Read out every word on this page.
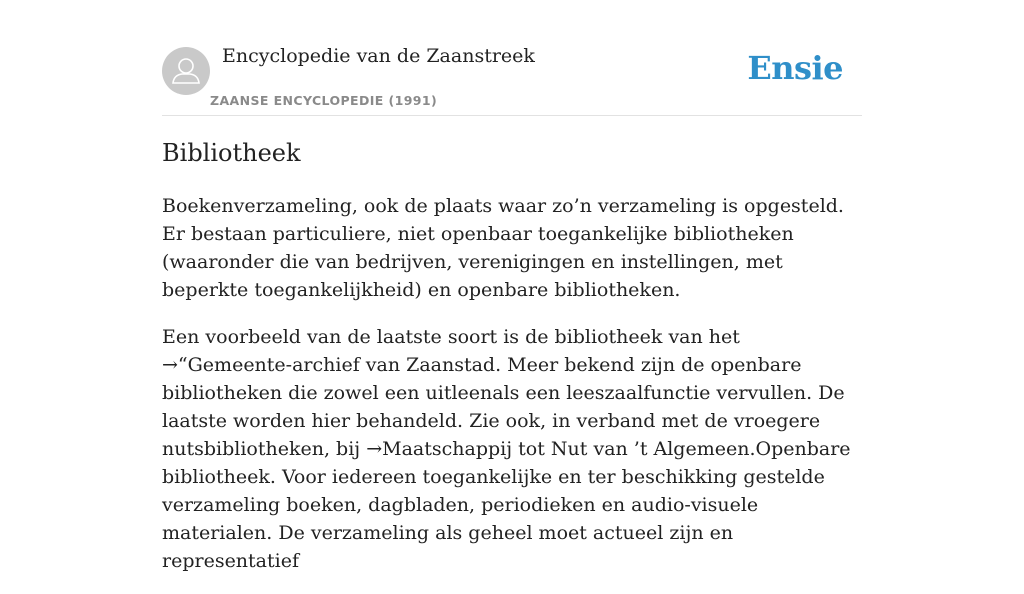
Encyclopedie van de Zaanstreek
ZAANSE ENCYCLOPEDIE (1991)
Ensie
Bibliotheek

Boekenverzameling, ook de plaats waar zo’n verzameling is opgesteld. Er bestaan particuliere, niet openbaar toegankelijke bibliotheken (waaronder die van bedrijven, verenigingen en instellingen, met beperkte toegankelijkheid) en openbare bibliotheken.

Een voorbeeld van de laatste soort is de bibliotheek van het →“Gemeente-archief van Zaanstad. Meer bekend zijn de openbare bibliotheken die zowel een uitleenals een leeszaalfunctie vervullen. De laatste worden hier behandeld. Zie ook, in verband met de vroegere nutsbibliotheken, bij →Maatschappij tot Nut van ’t Algemeen.Openbare bibliotheek. Voor iedereen toegankelijke en ter beschikking gestelde verzameling boeken, dagbladen, periodieken en audio-visuele materialen. De verzameling als geheel moet actueel zijn en representatief
